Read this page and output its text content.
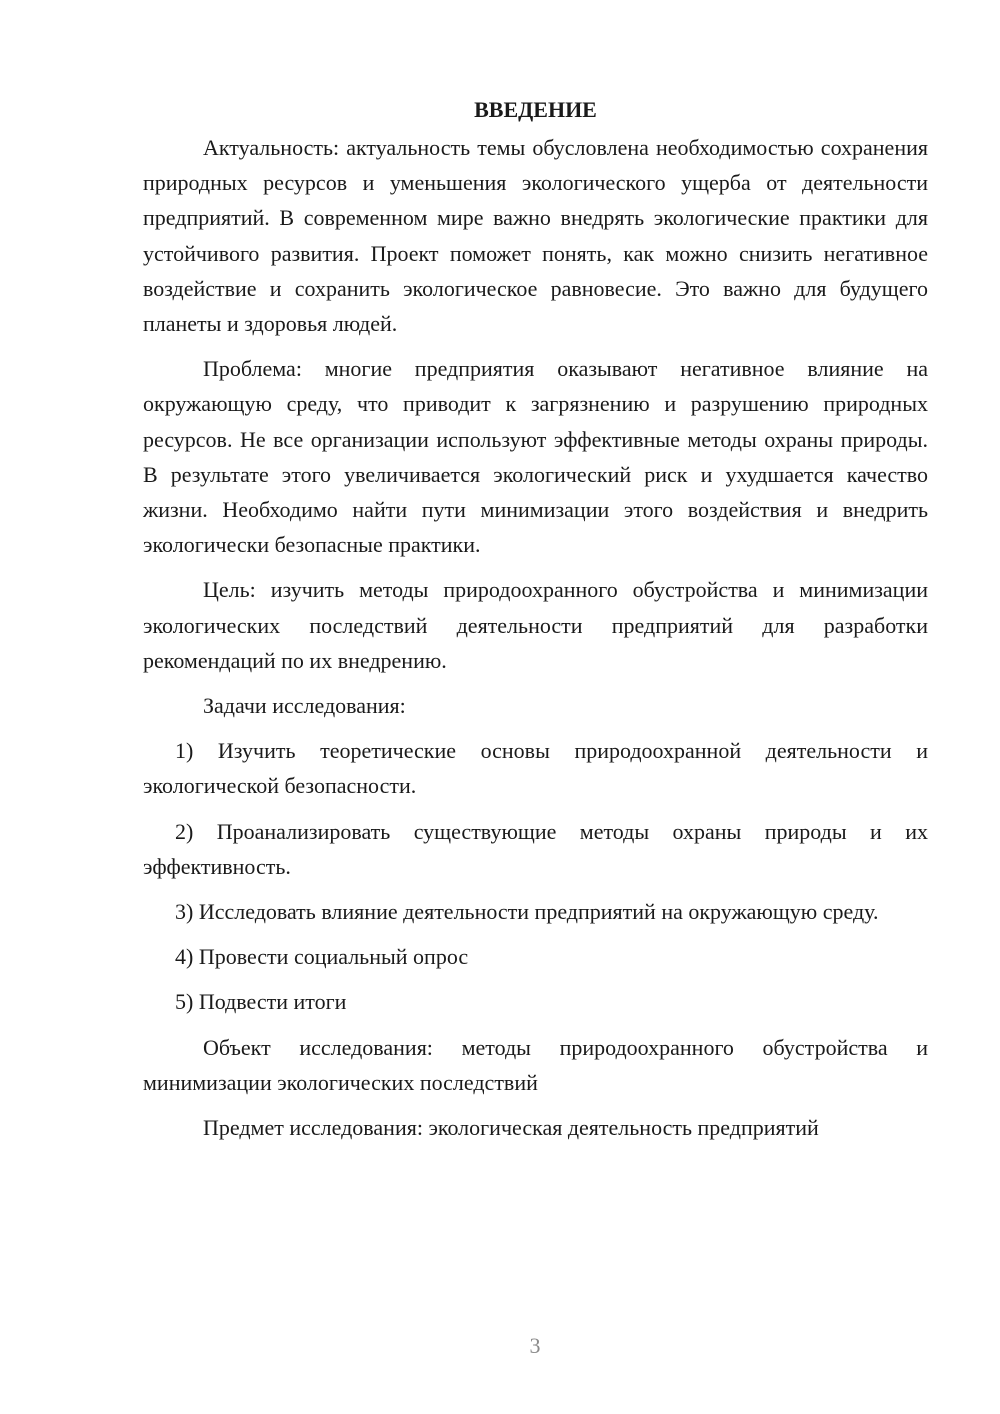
ВВЕДЕНИЕ

Актуальность: актуальность темы обусловлена необходимостью сохранения природных ресурсов и уменьшения экологического ущерба от деятельности предприятий. В современном мире важно внедрять экологические практики для устойчивого развития. Проект поможет понять, как можно снизить негативное воздействие и сохранить экологическое равновесие. Это важно для будущего планеты и здоровья людей.

Проблема: многие предприятия оказывают негативное влияние на окружающую среду, что приводит к загрязнению и разрушению природных ресурсов. Не все организации используют эффективные методы охраны природы. В результате этого увеличивается экологический риск и ухудшается качество жизни. Необходимо найти пути минимизации этого воздействия и внедрить экологически безопасные практики.

Цель: изучить методы природоохранного обустройства и минимизации экологических последствий деятельности предприятий для разработки рекомендаций по их внедрению.

Задачи исследования:

1) Изучить теоретические основы природоохранной деятельности и экологической безопасности.

2) Проанализировать существующие методы охраны природы и их эффективность.

3) Исследовать влияние деятельности предприятий на окружающую среду.

4) Провести социальный опрос

5) Подвести итоги

Объект исследования: методы природоохранного обустройства и минимизации экологических последствий

Предмет исследования: экологическая деятельность предприятий

3
